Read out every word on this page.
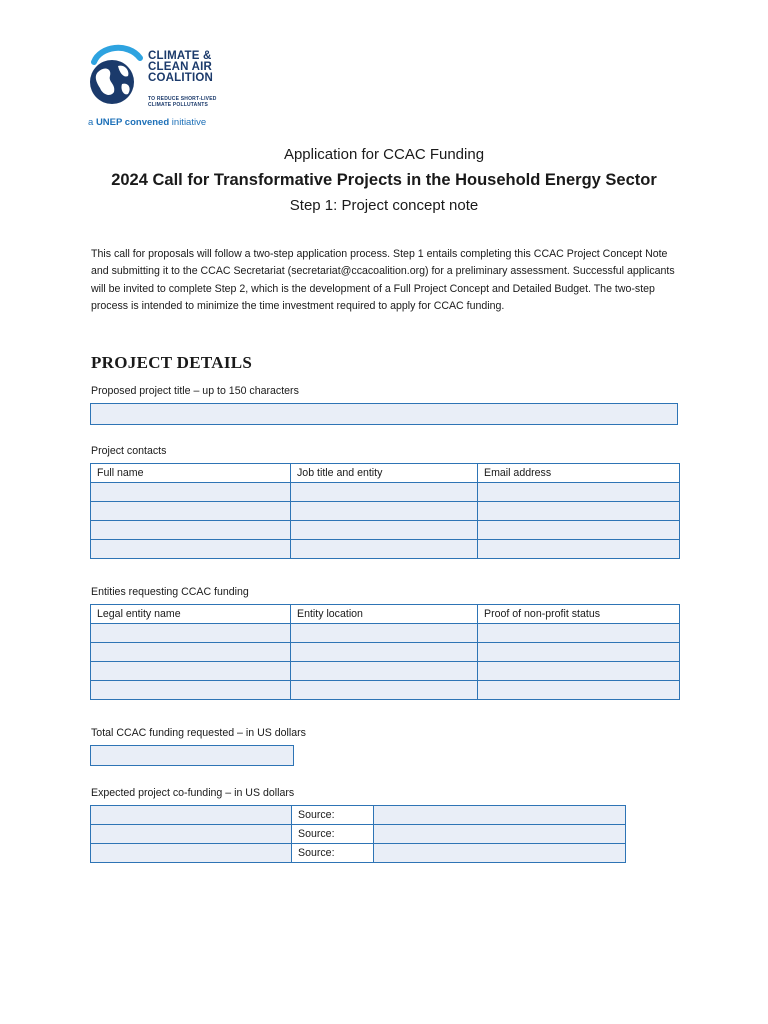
CLIMATE &
CLEAN AIR
COALITION
TO REDUCE SHORT-LIVED
CLIMATE POLLUTANTS
a UNEP convened initiative
Application for CCAC Funding
2024 Call for Transformative Projects in the Household Energy Sector
Step 1: Project concept note
This call for proposals will follow a two-step application process. Step 1 entails completing this CCAC Project Concept Note and submitting it to the CCAC Secretariat (secretariat@ccacoalition.org) for a preliminary assessment. Successful applicants will be invited to complete Step 2, which is the development of a Full Project Concept and Detailed Budget. The two-step process is intended to minimize the time investment required to apply for CCAC funding.
PROJECT DETAILS
Proposed project title – up to 150 characters
Project contacts
Full name	Job title and entity	Email address

Entities requesting CCAC funding
Legal entity name	Entity location	Proof of non-profit status

Total CCAC funding requested – in US dollars
Expected project co-funding – in US dollars
	Source:	
	Source:	
	Source:	
